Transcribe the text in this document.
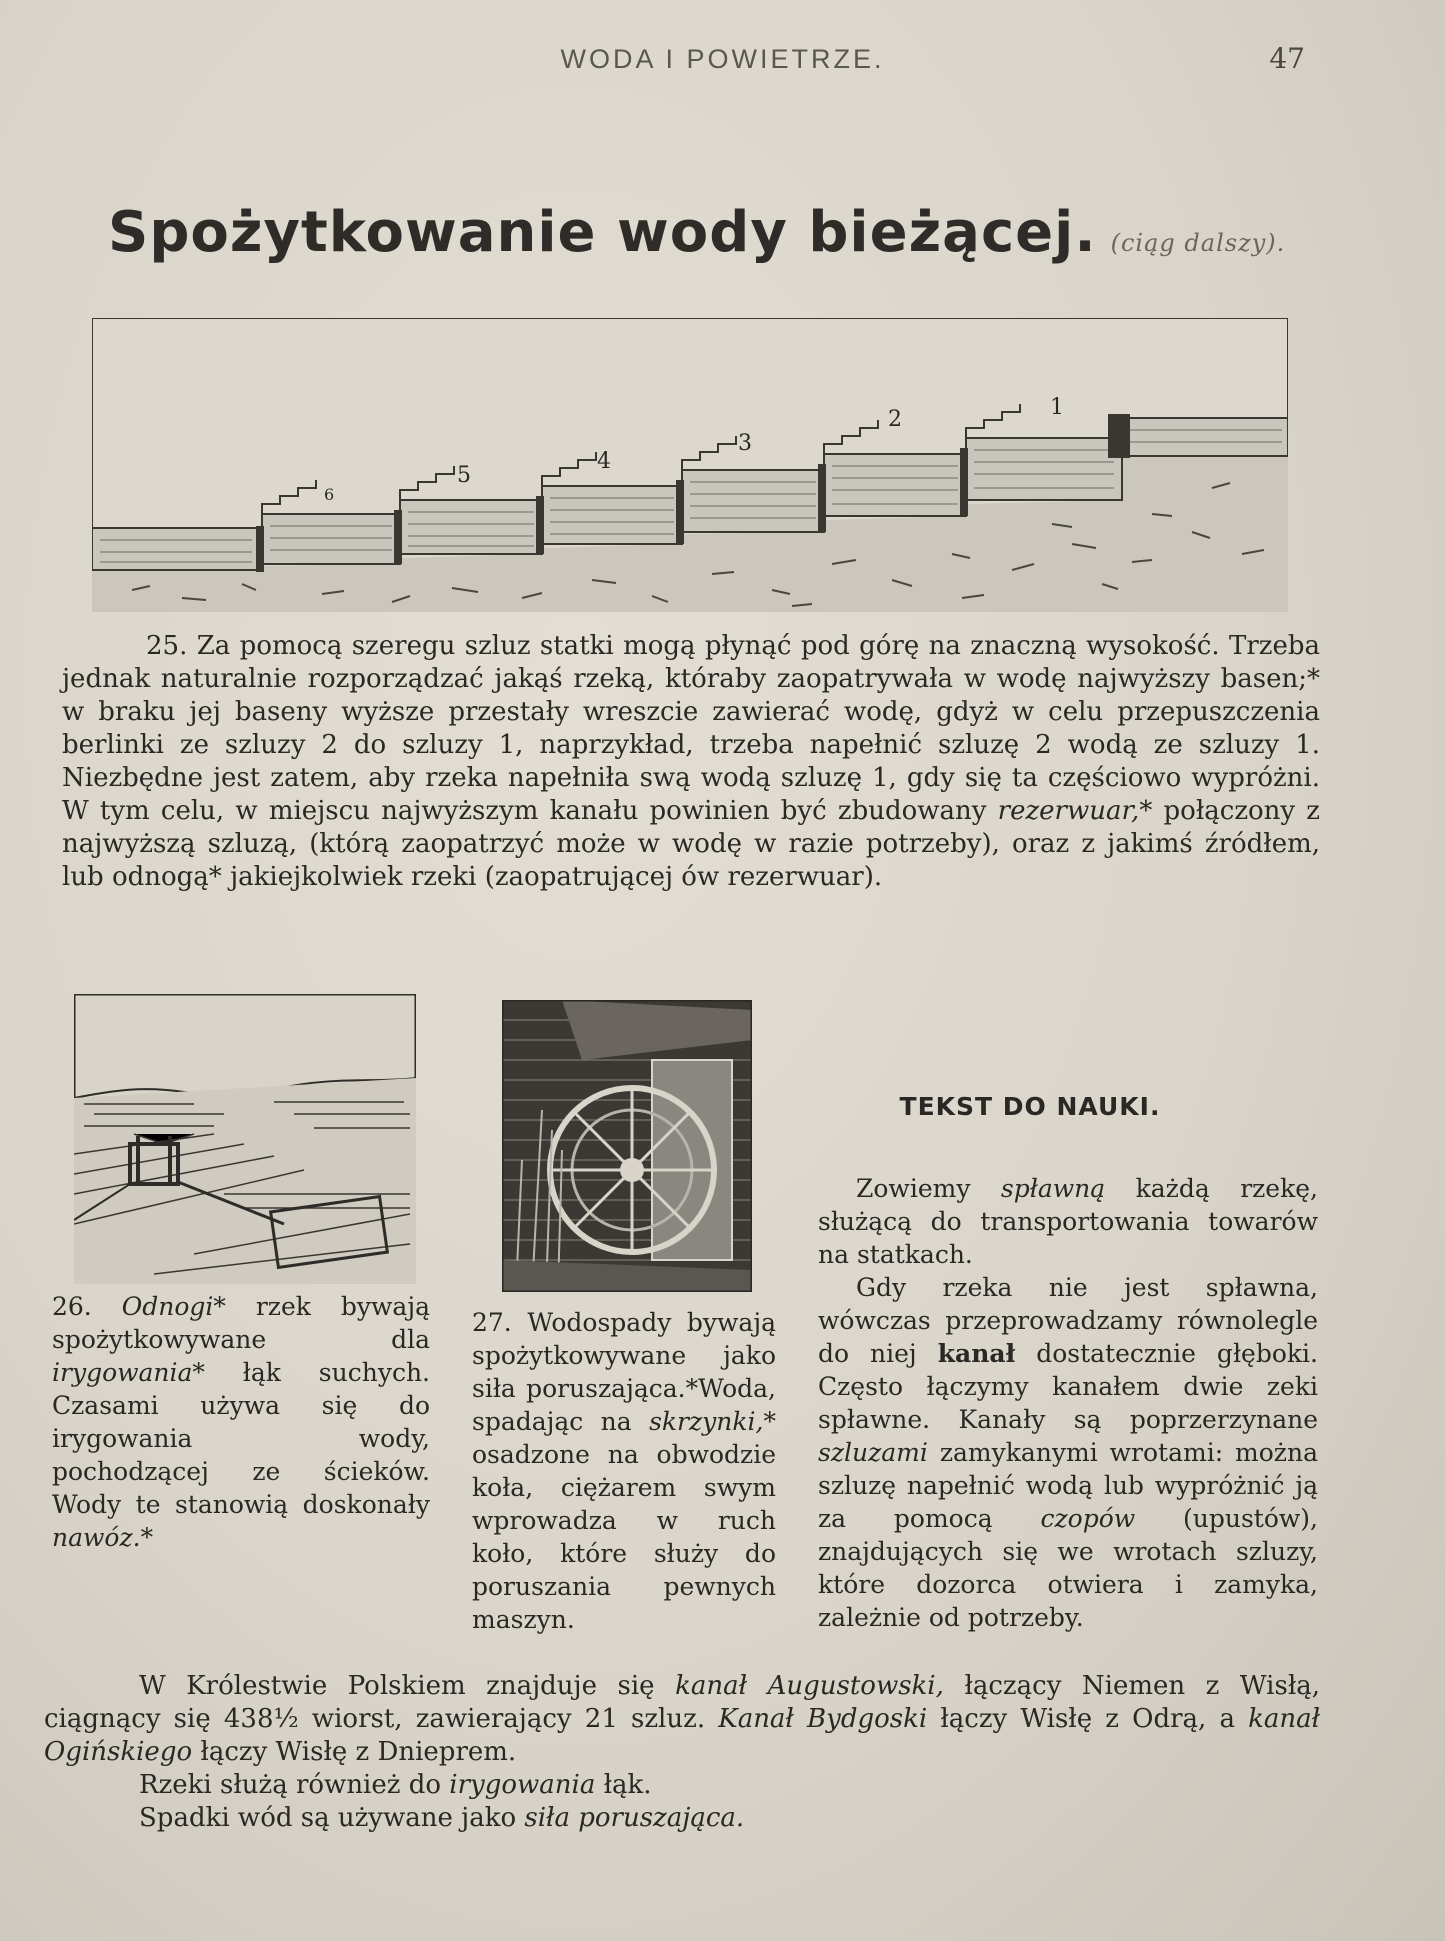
WODA I POWIETRZE.	47
Spożytkowanie wody bieżącej. (ciąg dalszy).
1
2
3
4
5
6

25. Za pomocą szeregu szluz statki mogą płynąć pod górę na znaczną wysokość. Trzeba jednak naturalnie rozporządzać jakąś rzeką, któraby zaopatrywała w wodę najwyższy basen;* w braku jej baseny wyższe przestały wreszcie zawierać wodę, gdyż w celu przepuszczenia berlinki ze szluzy 2 do szluzy 1, naprzykład, trzeba napełnić szluzę 2 wodą ze szluzy 1. Niezbędne jest zatem, aby rzeka napełniła swą wodą szluzę 1, gdy się ta częściowo wypróżni. W tym celu, w miejscu najwyższym kanału powinien być zbudowany rezerwuar,* połączony z najwyższą szluzą, (którą zaopatrzyć może w wodę w razie potrzeby), oraz z jakimś źródłem, lub odnogą* jakiejkolwiek rzeki (zaopatrującej ów rezerwuar).

26. Odnogi* rzek bywają spożytkowywane dla irygowania* łąk suchych. Czasami używa się do irygowania wody, pochodzącej ze ścieków. Wody te stanowią doskonały nawóz.*
27. Wodospady bywają spożytkowywane jako siła poruszająca.*Woda, spadając na skrzynki,* osadzone na obwodzie koła, ciężarem swym wprowadza w ruch koło, które służy do poruszania pewnych maszyn.
TEKST DO NAUKI.

Zowiemy spławną każdą rzekę, służącą do transportowania towarów na statkach.

Gdy rzeka nie jest spławna, wówczas przeprowadzamy równolegle do niej kanał dostatecznie głęboki. Często łączymy kanałem dwie zeki spławne. Kanały są poprzerzynane szluzami zamykanymi wrotami: można szluzę napełnić wodą lub wypróżnić ją za pomocą czopów (upustów), znajdujących się we wrotach szluzy, które dozorca otwiera i zamyka, zależnie od potrzeby.

W Królestwie Polskiem znajduje się kanał Augustowski, łączący Niemen z Wisłą, ciągnący się 438½ wiorst, zawierający 21 szluz. Kanał Bydgoski łączy Wisłę z Odrą, a kanał Ogińskiego łączy Wisłę z Dnieprem.

Rzeki służą również do irygowania łąk.

Spadki wód są używane jako siła poruszająca.
